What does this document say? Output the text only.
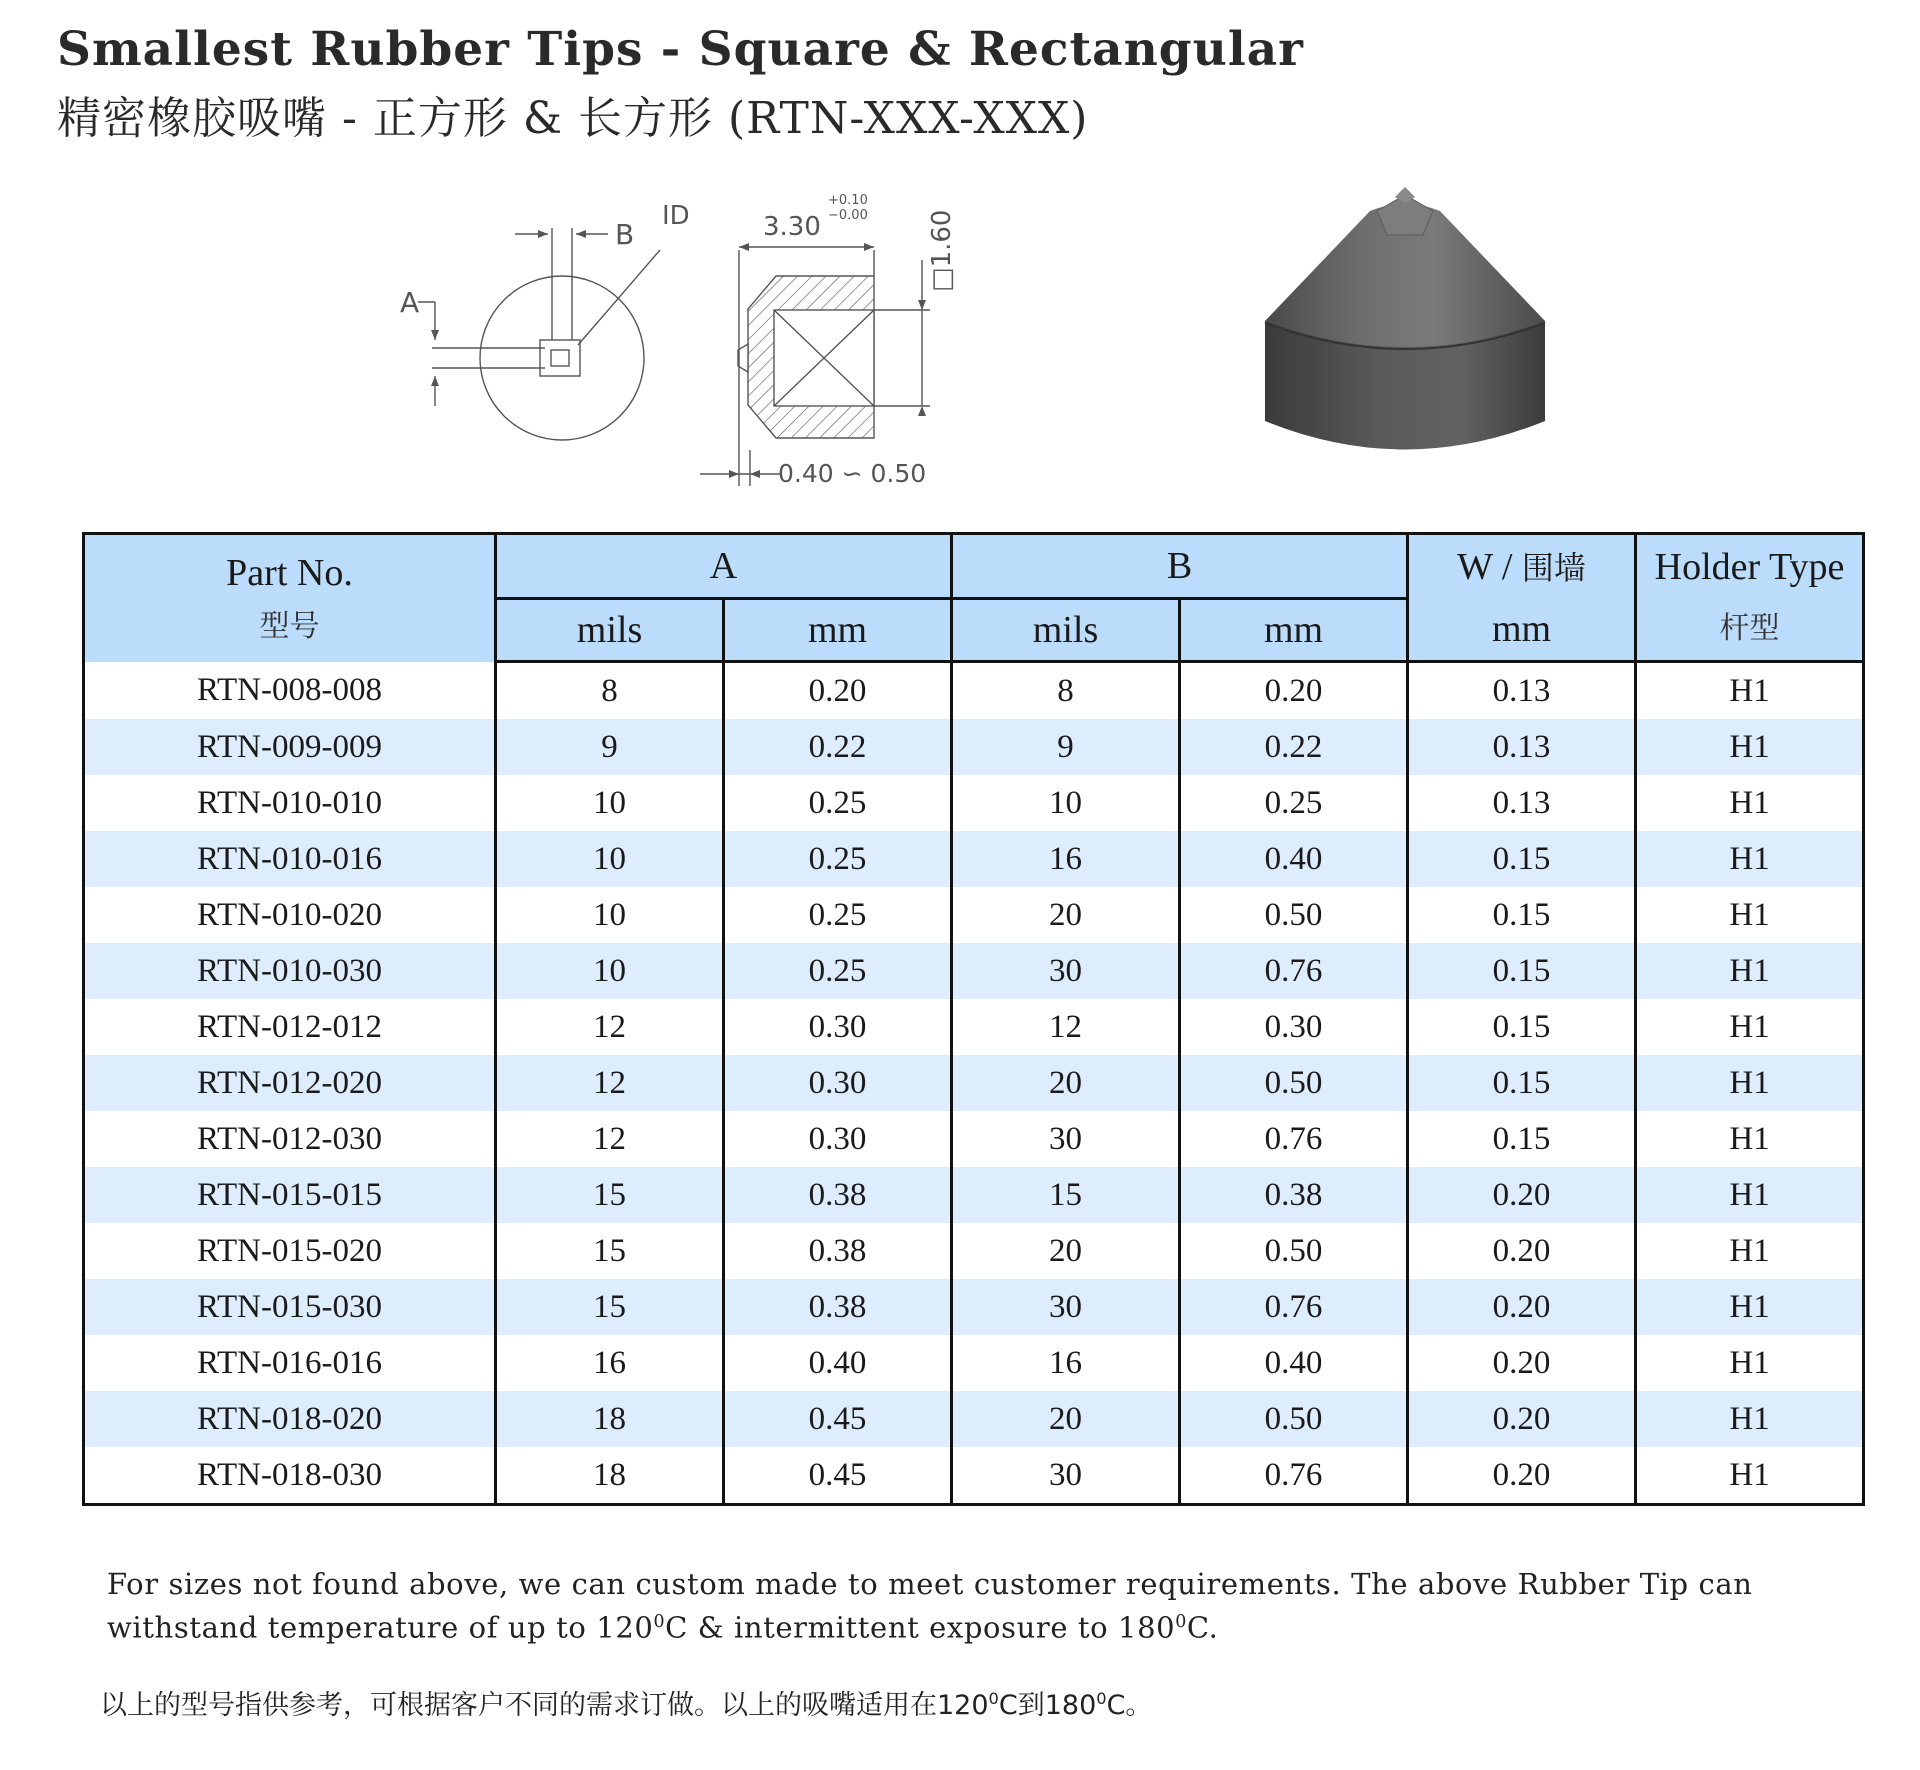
Smallest Rubber Tips - Square & Rectangular
精密橡胶吸嘴 - 正方形 & 长方形 (RTN-XXX-XXX)
B
ID
A
3.30
+0.10
−0.00 □1.60
0.40 ∽ 0.50
Part No.
型号	A		B		W / 围墙	Holder Type
	mils	mm	mils	mm	mm	杆型
RTN-008-008	8	0.20	8	0.20	0.13	H1
RTN-009-009	9	0.22	9	0.22	0.13	H1
RTN-010-010	10	0.25	10	0.25	0.13	H1
RTN-010-016	10	0.25	16	0.40	0.15	H1
RTN-010-020	10	0.25	20	0.50	0.15	H1
RTN-010-030	10	0.25	30	0.76	0.15	H1
RTN-012-012	12	0.30	12	0.30	0.15	H1
RTN-012-020	12	0.30	20	0.50	0.15	H1
RTN-012-030	12	0.30	30	0.76	0.15	H1
RTN-015-015	15	0.38	15	0.38	0.20	H1
RTN-015-020	15	0.38	20	0.50	0.20	H1
RTN-015-030	15	0.38	30	0.76	0.20	H1
RTN-016-016	16	0.40	16	0.40	0.20	H1
RTN-018-020	18	0.45	20	0.50	0.20	H1
RTN-018-030	18	0.45	30	0.76	0.20	H1

For sizes not found above, we can custom made to meet customer requirements. The above Rubber Tip can withstand temperature of up to $120^0C$ & intermittent exposure to $180^0C$.

以上的型号指供参考，可根据客户不同的需求订做。以上的吸嘴适用在$120^0C$到$180^0C$。
